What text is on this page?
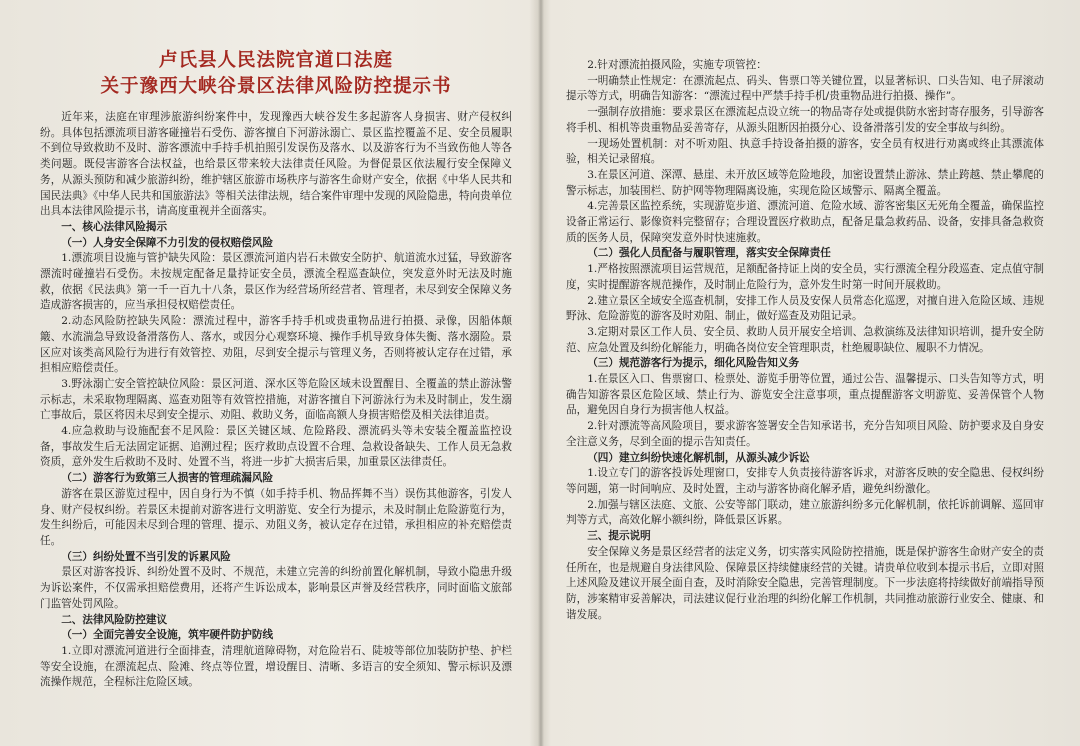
卢氏县人民法院官道口法庭
关于豫西大峡谷景区法律风险防控提示书

近年来，法庭在审理涉旅游纠纷案件中，发现豫西大峡谷发生多起游客人身损害、财产侵权纠纷。具体包括漂流项目游客碰撞岩石受伤、游客擅自下河游泳溺亡、景区监控覆盖不足、安全员履职不到位导致救助不及时、游客漂流中手持手机拍照引发误伤及落水、以及游客行为不当致伤他人等各类问题。既侵害游客合法权益，也给景区带来较大法律责任风险。为督促景区依法履行安全保障义务，从源头预防和减少旅游纠纷，维护辖区旅游市场秩序与游客生命财产安全，依据《中华人民共和国民法典》《中华人民共和国旅游法》等相关法律法规，结合案件审理中发现的风险隐患，特向贵单位出具本法律风险提示书，请高度重视并全面落实。

一、核心法律风险揭示

（一）人身安全保障不力引发的侵权赔偿风险

1.漂流项目设施与管护缺失风险：景区漂流河道内岩石未做安全防护、航道流水过猛，导致游客漂流时碰撞岩石受伤。未按规定配备足量持证安全员，漂流全程巡查缺位，突发意外时无法及时施救，依据《民法典》第一千一百九十八条，景区作为经营场所经营者、管理者，未尽到安全保障义务造成游客损害的，应当承担侵权赔偿责任。

2.动态风险防控缺失风险：漂流过程中，游客手持手机或贵重物品进行拍摄、录像，因船体颠簸、水流湍急导致设备滑落伤人、落水，或因分心观察环境、操作手机导致身体失衡、落水溺险。景区应对该类高风险行为进行有效管控、劝阻，尽到安全提示与管理义务，否则将被认定存在过错，承担相应赔偿责任。

3.野泳溺亡安全管控缺位风险：景区河道、深水区等危险区域未设置醒目、全覆盖的禁止游泳警示标志，未采取物理隔离、巡查劝阻等有效管控措施，对游客擅自下河游泳行为未及时制止，发生溺亡事故后，景区将因未尽到安全提示、劝阻、救助义务，面临高额人身损害赔偿及相关法律追责。

4.应急救助与设施配套不足风险：景区关键区域、危险路段、漂流码头等未安装全覆盖监控设备，事故发生后无法固定证据、追溯过程；医疗救助点设置不合理、急救设备缺失、工作人员无急救资质，意外发生后救助不及时、处置不当，将进一步扩大损害后果，加重景区法律责任。

（二）游客行为致第三人损害的管理疏漏风险

游客在景区游览过程中，因自身行为不慎（如手持手机、物品挥舞不当）误伤其他游客，引发人身、财产侵权纠纷。若景区未提前对游客进行文明游览、安全行为提示，未及时制止危险游览行为，发生纠纷后，可能因未尽到合理的管理、提示、劝阻义务，被认定存在过错，承担相应的补充赔偿责任。

（三）纠纷处置不当引发的诉累风险

景区对游客投诉、纠纷处置不及时、不规范，未建立完善的纠纷前置化解机制，导致小隐患升级为诉讼案件，不仅需承担赔偿费用，还将产生诉讼成本，影响景区声誉及经营秩序，同时面临文旅部门监管处罚风险。

二、法律风险防控建议

（一）全面完善安全设施，筑牢硬件防护防线

1.立即对漂流河道进行全面排查，清理航道障碍物，对危险岩石、陡坡等部位加装防护垫、护栏等安全设施，在漂流起点、险滩、终点等位置，增设醒目、清晰、多语言的安全须知、警示标识及漂流操作规范，全程标注危险区域。

2.针对漂流拍摄风险，实施专项管控：

一明确禁止性规定：在漂流起点、码头、售票口等关键位置，以显著标识、口头告知、电子屏滚动提示等方式，明确告知游客：“漂流过程中严禁手持手机/贵重物品进行拍摄、操作”。

一强制存放措施：要求景区在漂流起点设立统一的物品寄存处或提供防水密封寄存服务，引导游客将手机、相机等贵重物品妥善寄存，从源头阻断因拍摄分心、设备滑落引发的安全事故与纠纷。

一现场处置机制：对不听劝阻、执意手持设备拍摄的游客，安全员有权进行劝离或终止其漂流体验，相关记录留痕。

3.在景区河道、深潭、悬崖、未开放区域等危险地段，加密设置禁止游泳、禁止跨越、禁止攀爬的警示标志，加装围栏、防护网等物理隔离设施，实现危险区域警示、隔离全覆盖。

4.完善景区监控系统，实现游览步道、漂流河道、危险水域、游客密集区无死角全覆盖，确保监控设备正常运行、影像资料完整留存；合理设置医疗救助点，配备足量急救药品、设备，安排具备急救资质的医务人员，保障突发意外时快速施救。

（二）强化人员配备与履职管理，落实安全保障责任

1.严格按照漂流项目运营规范，足额配备持证上岗的安全员，实行漂流全程分段巡查、定点值守制度，实时提醒游客规范操作，及时制止危险行为，意外发生时第一时间开展救助。

2.建立景区全域安全巡查机制，安排工作人员及安保人员常态化巡逻，对擅自进入危险区域、违规野泳、危险游览的游客及时劝阻、制止，做好巡查及劝阻记录。

3.定期对景区工作人员、安全员、救助人员开展安全培训、急救演练及法律知识培训，提升安全防范、应急处置及纠纷化解能力，明确各岗位安全管理职责，杜绝履职缺位、履职不力情况。

（三）规范游客行为提示，细化风险告知义务

1.在景区入口、售票窗口、检票处、游览手册等位置，通过公告、温馨提示、口头告知等方式，明确告知游客景区危险区域、禁止行为、游览安全注意事项，重点提醒游客文明游览、妥善保管个人物品，避免因自身行为损害他人权益。

2.针对漂流等高风险项目，要求游客签署安全告知承诺书，充分告知项目风险、防护要求及自身安全注意义务，尽到全面的提示告知责任。

（四）建立纠纷快速化解机制，从源头减少诉讼

1.设立专门的游客投诉处理窗口，安排专人负责接待游客诉求，对游客反映的安全隐患、侵权纠纷等问题，第一时间响应、及时处置，主动与游客协商化解矛盾，避免纠纷激化。

2.加强与辖区法庭、文旅、公安等部门联动，建立旅游纠纷多元化解机制，依托诉前调解、巡回审判等方式，高效化解小额纠纷，降低景区诉累。

三、提示说明

安全保障义务是景区经营者的法定义务，切实落实风险防控措施，既是保护游客生命财产安全的责任所在，也是规避自身法律风险、保障景区持续健康经营的关键。请贵单位收到本提示书后，立即对照上述风险及建议开展全面自查，及时消除安全隐患，完善管理制度。下一步法庭将持续做好前端指导预防，涉案精审妥善解决，司法建议促行业治理的纠纷化解工作机制，共同推动旅游行业安全、健康、和谐发展。
